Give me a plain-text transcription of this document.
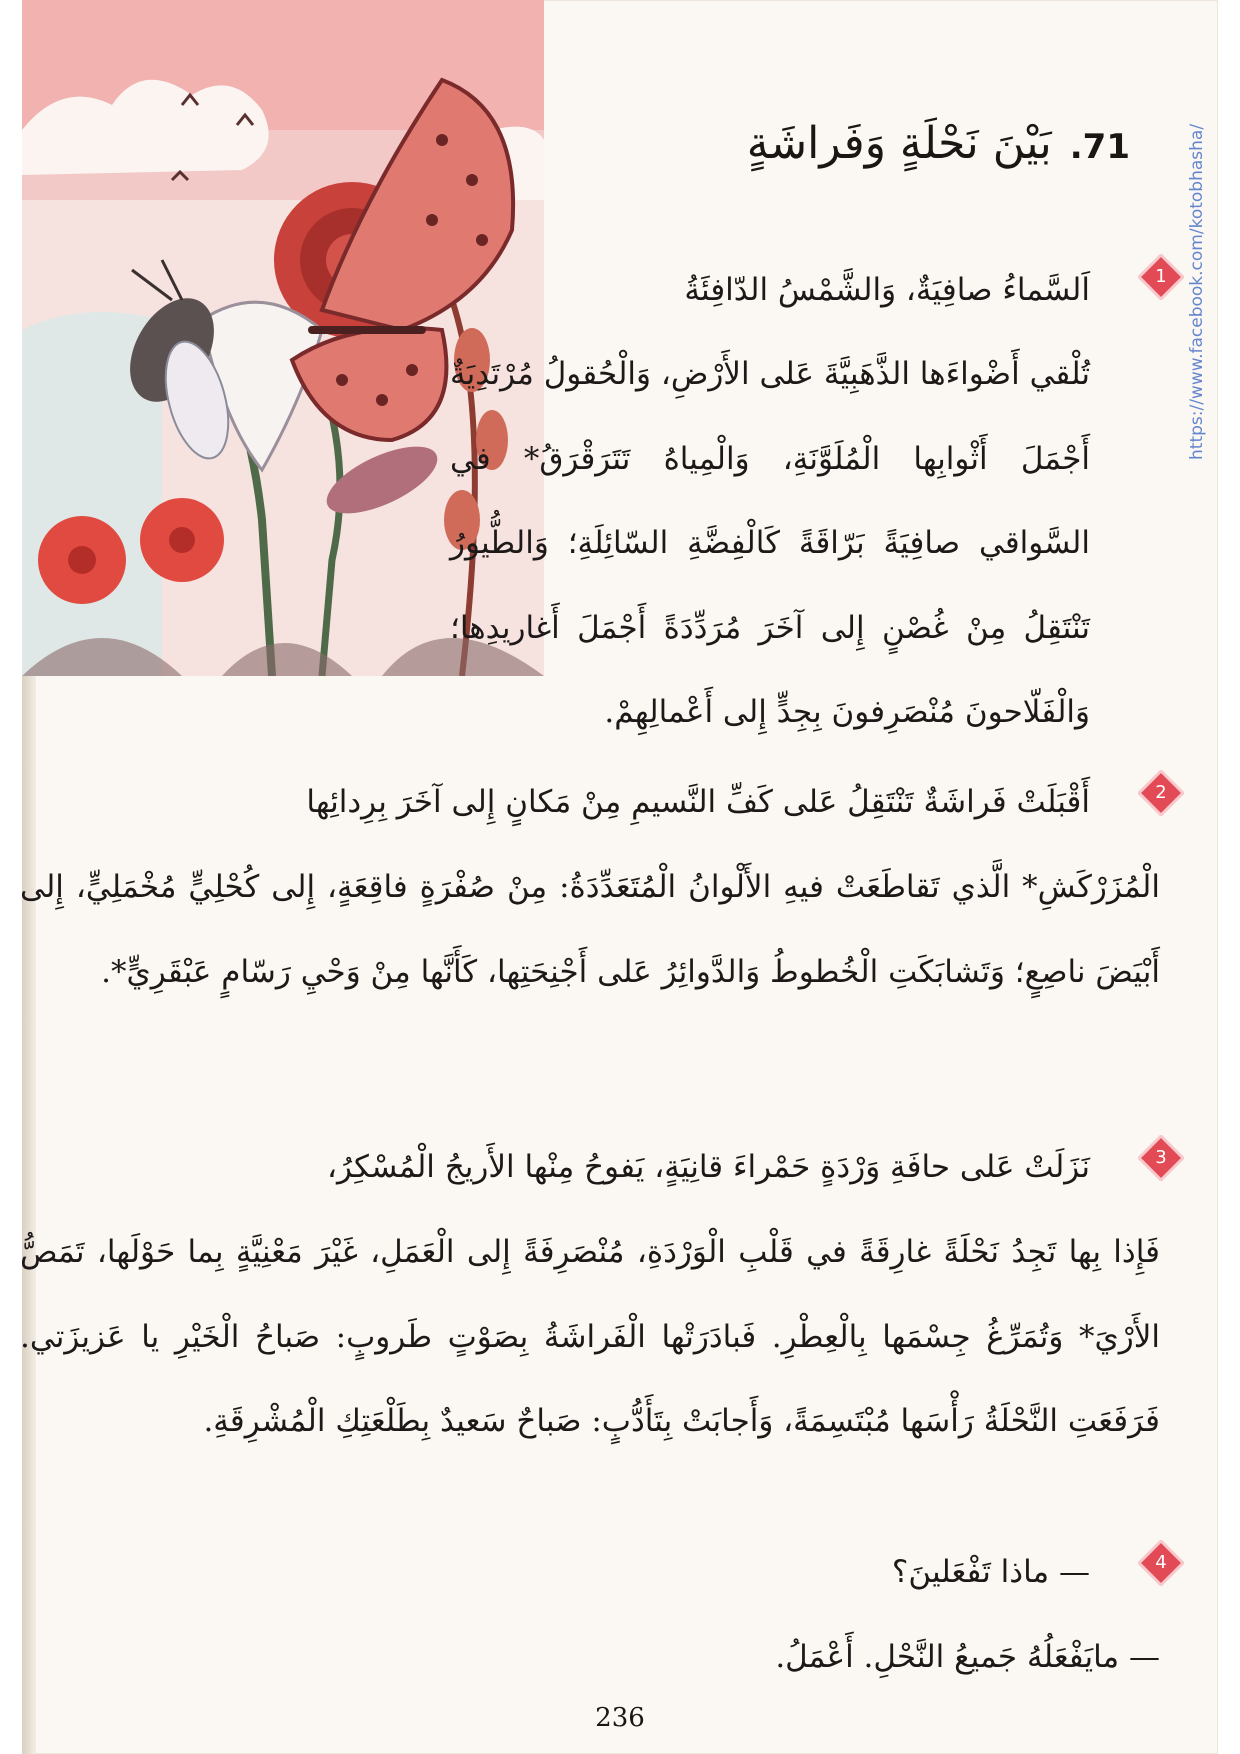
71.بَيْنَ نَحْلَةٍ وَفَراشَةٍ
1
اَلسَّماءُ صافِيَةٌ، وَالشَّمْسُ الدّافِئَةُ
تُلْقي أَضْواءَها الذَّهَبِيَّةَ عَلى الأَرْضِ، وَالْحُقولُ مُرْتَدِيَةٌ أَجْمَلَ أَثْوابِها الْمُلَوَّنَةِ، وَالْمِياهُ تَتَرَقْرَقُ* في السَّواقي صافِيَةً بَرّاقَةً كَالْفِضَّةِ السّائِلَةِ؛ وَالطُّيورُ تَنْتَقِلُ مِنْ غُصْنٍ إِلى آخَرَ مُرَدِّدَةً أَجْمَلَ أَغاريدِها؛ وَالْفَلّاحونَ مُنْصَرِفونَ بِجِدٍّ إِلى أَعْمالِهِمْ.
2
أَقْبَلَتْ فَراشَةٌ تَنْتَقِلُ عَلى كَفِّ النَّسيمِ مِنْ مَكانٍ إِلى آخَرَ بِرِدائِها
الْمُزَرْكَشِ* الَّذي تَقاطَعَتْ فيهِ الأَلْوانُ الْمُتَعَدِّدَةُ: مِنْ صُفْرَةٍ فاقِعَةٍ، إِلى كُحْلِيٍّ مُخْمَلِيٍّ، إِلى أَبْيَضَ ناصِعٍ؛ وَتَشابَكَتِ الْخُطوطُ وَالدَّوائِرُ عَلى أَجْنِحَتِها، كَأَنَّها مِنْ وَحْيِ رَسّامٍ عَبْقَرِيٍّ*.
3
نَزَلَتْ عَلى حافَةِ وَرْدَةٍ حَمْراءَ قانِيَةٍ، يَفوحُ مِنْها الأَريجُ الْمُسْكِرُ،
فَإِذا بِها تَجِدُ نَحْلَةً غارِقَةً في قَلْبِ الْوَرْدَةِ، مُنْصَرِفَةً إِلى الْعَمَلِ، غَيْرَ مَعْنِيَّةٍ بِما حَوْلَها، تَمَصُّ الأَرْيَ* وَتُمَرِّغُ جِسْمَها بِالْعِطْرِ. فَبادَرَتْها الْفَراشَةُ بِصَوْتٍ طَروبٍ: صَباحُ الْخَيْرِ يا عَزيزَتي. فَرَفَعَتِ النَّحْلَةُ رَأْسَها مُبْتَسِمَةً، وَأَجابَتْ بِتَأَدُّبٍ: صَباحٌ سَعيدٌ بِطَلْعَتِكِ الْمُشْرِقَةِ.
4
— ماذا تَفْعَلينَ؟
— مايَفْعَلُهُ جَميعُ النَّحْلِ. أَعْمَلُ.
https://www.facebook.com/kotobhasha/
236
